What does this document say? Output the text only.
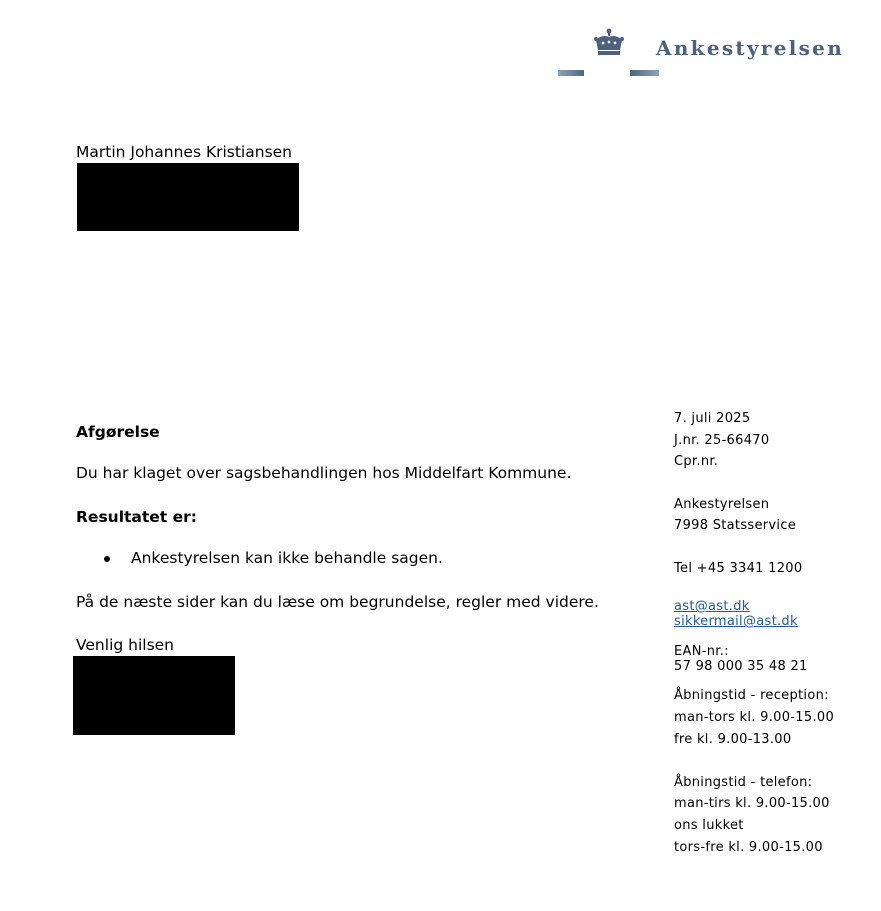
Ankestyrelsen
Martin Johannes Kristiansen
Afgørelse
Du har klaget over sagsbehandlingen hos Middelfart Kommune.
Resultatet er:
Ankestyrelsen kan ikke behandle sagen.
På de næste sider kan du læse om begrundelse, regler med videre.
Venlig hilsen
7. juli 2025
J.nr. 25-66470
Cpr.nr.
Ankestyrelsen
7998 Statsservice
Tel +45 3341 1200
ast@ast.dk
sikkermail@ast.dk
EAN-nr.:
57 98 000 35 48 21
Åbningstid - reception:
man-tors kl. 9.00-15.00
fre kl. 9.00-13.00
Åbningstid - telefon:
man-tirs kl. 9.00-15.00
ons lukket
tors-fre kl. 9.00-15.00
